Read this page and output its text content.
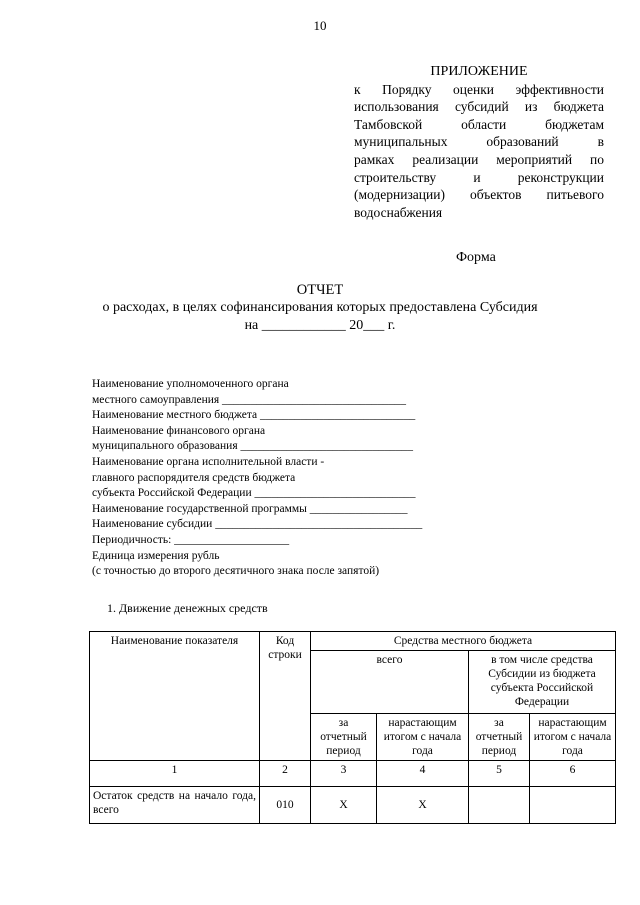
10
ПРИЛОЖЕНИЕ
к Порядку оценки эффективности
использования субсидий из бюджета
Тамбовской области бюджетам
муниципальных образований в
рамках реализации мероприятий по
строительству и реконструкции
(модернизации) объектов питьевого
водоснабжения
Форма
ОТЧЕТ
о расходах, в целях софинансирования которых предоставлена Субсидия
на ____________ 20___ г.
Наименование уполномоченного органа
местного самоуправления ________________________________
Наименование местного бюджета ___________________________
Наименование финансового органа
муниципального образования ______________________________
Наименование органа исполнительной власти -
главного распорядителя средств бюджета
субъекта Российской Федерации ____________________________
Наименование государственной программы _________________
Наименование субсидии ____________________________________
Периодичность: ____________________
Единица измерения рубль
(с точностью до второго десятичного знака после запятой)
1. Движение денежных средств
Наименование показателя	Код строки	Средства местного бюджета			
		всего		в том числе средства Субсидии из бюджета субъекта Российской Федерации	
		за отчетный период	нарастающим итогом с начала года	за отчетный период	нарастающим итогом с начала года
1	2	3	4	5	6
Остаток средств на начало года, всего	010	Х	Х		
